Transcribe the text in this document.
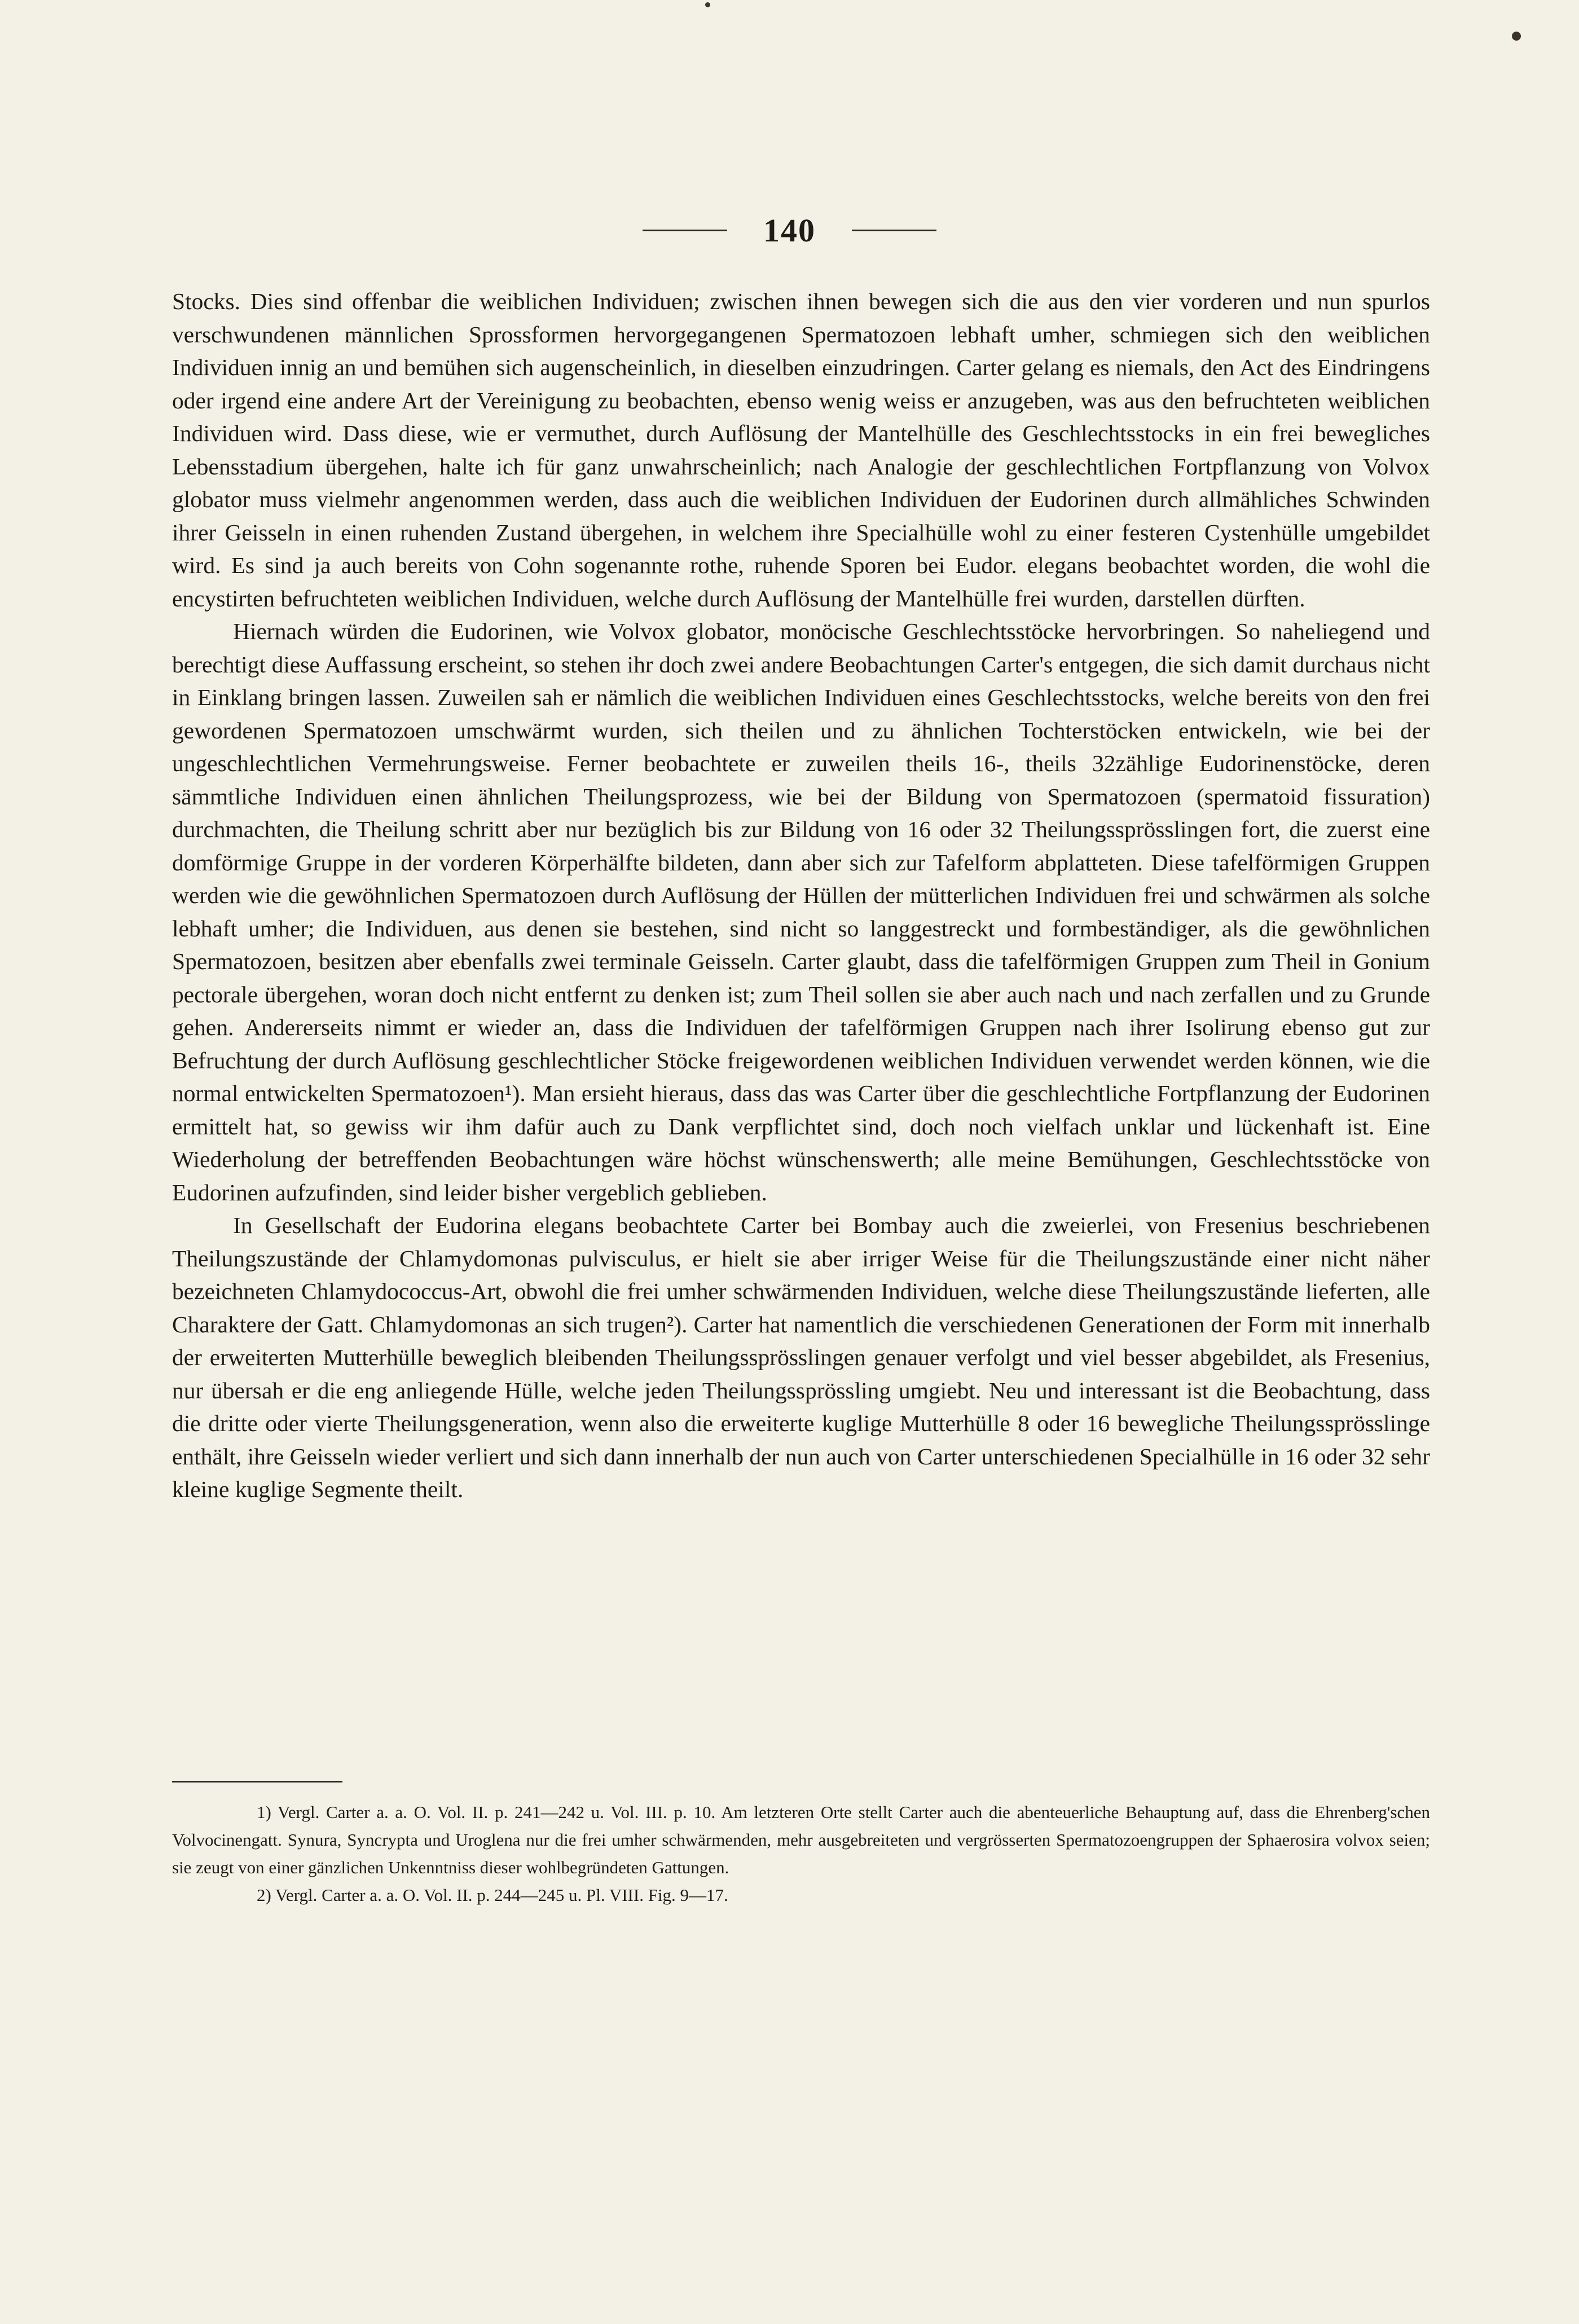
140

Stocks. Dies sind offenbar die weiblichen Individuen; zwischen ihnen bewegen sich die aus den vier vorderen und nun spurlos verschwundenen männlichen Sprossformen hervorgegangenen Spermatozoen lebhaft umher, schmiegen sich den weiblichen Individuen innig an und bemühen sich augenscheinlich, in dieselben einzudringen. Carter gelang es niemals, den Act des Eindringens oder irgend eine andere Art der Vereinigung zu beobachten, ebenso wenig weiss er anzugeben, was aus den befruchteten weiblichen Individuen wird. Dass diese, wie er vermuthet, durch Auflösung der Mantelhülle des Geschlechtsstocks in ein frei bewegliches Lebensstadium übergehen, halte ich für ganz unwahrscheinlich; nach Analogie der geschlechtlichen Fortpflanzung von Volvox globator muss vielmehr angenommen werden, dass auch die weiblichen Individuen der Eudorinen durch allmähliches Schwinden ihrer Geisseln in einen ruhenden Zustand übergehen, in welchem ihre Specialhülle wohl zu einer festeren Cystenhülle umgebildet wird. Es sind ja auch bereits von Cohn sogenannte rothe, ruhende Sporen bei Eudor. elegans beobachtet worden, die wohl die encystirten befruchteten weiblichen Individuen, welche durch Auflösung der Mantelhülle frei wurden, darstellen dürften.

Hiernach würden die Eudorinen, wie Volvox globator, monöcische Geschlechtsstöcke hervorbringen. So naheliegend und berechtigt diese Auffassung erscheint, so stehen ihr doch zwei andere Beobachtungen Carter's entgegen, die sich damit durchaus nicht in Einklang bringen lassen. Zuweilen sah er nämlich die weiblichen Individuen eines Geschlechtsstocks, welche bereits von den frei gewordenen Spermatozoen umschwärmt wurden, sich theilen und zu ähnlichen Tochterstöcken entwickeln, wie bei der ungeschlechtlichen Vermehrungsweise. Ferner beobachtete er zuweilen theils 16-, theils 32zählige Eudorinenstöcke, deren sämmtliche Individuen einen ähnlichen Theilungsprozess, wie bei der Bildung von Spermatozoen (spermatoid fissuration) durchmachten, die Theilung schritt aber nur bezüglich bis zur Bildung von 16 oder 32 Theilungssprösslingen fort, die zuerst eine domförmige Gruppe in der vorderen Körperhälfte bildeten, dann aber sich zur Tafelform abplatteten. Diese tafelförmigen Gruppen werden wie die gewöhnlichen Spermatozoen durch Auflösung der Hüllen der mütterlichen Individuen frei und schwärmen als solche lebhaft umher; die Individuen, aus denen sie bestehen, sind nicht so langgestreckt und formbeständiger, als die gewöhnlichen Spermatozoen, besitzen aber ebenfalls zwei terminale Geisseln. Carter glaubt, dass die tafelförmigen Gruppen zum Theil in Gonium pectorale übergehen, woran doch nicht entfernt zu denken ist; zum Theil sollen sie aber auch nach und nach zerfallen und zu Grunde gehen. Andererseits nimmt er wieder an, dass die Individuen der tafelförmigen Gruppen nach ihrer Isolirung ebenso gut zur Befruchtung der durch Auflösung geschlechtlicher Stöcke freigewordenen weiblichen Individuen verwendet werden können, wie die normal entwickelten Spermatozoen¹). Man ersieht hieraus, dass das was Carter über die geschlechtliche Fortpflanzung der Eudorinen ermittelt hat, so gewiss wir ihm dafür auch zu Dank verpflichtet sind, doch noch vielfach unklar und lückenhaft ist. Eine Wiederholung der betreffenden Beobachtungen wäre höchst wünschenswerth; alle meine Bemühungen, Geschlechtsstöcke von Eudorinen aufzufinden, sind leider bisher vergeblich geblieben.

In Gesellschaft der Eudorina elegans beobachtete Carter bei Bombay auch die zweierlei, von Fresenius beschriebenen Theilungszustände der Chlamydomonas pulvisculus, er hielt sie aber irriger Weise für die Theilungszustände einer nicht näher bezeichneten Chlamydococcus-Art, obwohl die frei umher schwärmenden Individuen, welche diese Theilungszustände lieferten, alle Charaktere der Gatt. Chlamydomonas an sich trugen²). Carter hat namentlich die verschiedenen Generationen der Form mit innerhalb der erweiterten Mutterhülle beweglich bleibenden Theilungssprösslingen genauer verfolgt und viel besser abgebildet, als Fresenius, nur übersah er die eng anliegende Hülle, welche jeden Theilungssprössling umgiebt. Neu und interessant ist die Beobachtung, dass die dritte oder vierte Theilungsgeneration, wenn also die erweiterte kuglige Mutterhülle 8 oder 16 bewegliche Theilungssprösslinge enthält, ihre Geisseln wieder verliert und sich dann innerhalb der nun auch von Carter unterschiedenen Specialhülle in 16 oder 32 sehr kleine kuglige Segmente theilt.

1) Vergl. Carter a. a. O. Vol. II. p. 241—242 u. Vol. III. p. 10. Am letzteren Orte stellt Carter auch die abenteuerliche Behauptung auf, dass die Ehrenberg'schen Volvocinengatt. Synura, Syncrypta und Uroglena nur die frei umher schwärmenden, mehr ausgebreiteten und vergrösserten Spermatozoengruppen der Sphaerosira volvox seien; sie zeugt von einer gänzlichen Unkenntniss dieser wohlbegründeten Gattungen.

2) Vergl. Carter a. a. O. Vol. II. p. 244—245 u. Pl. VIII. Fig. 9—17.
